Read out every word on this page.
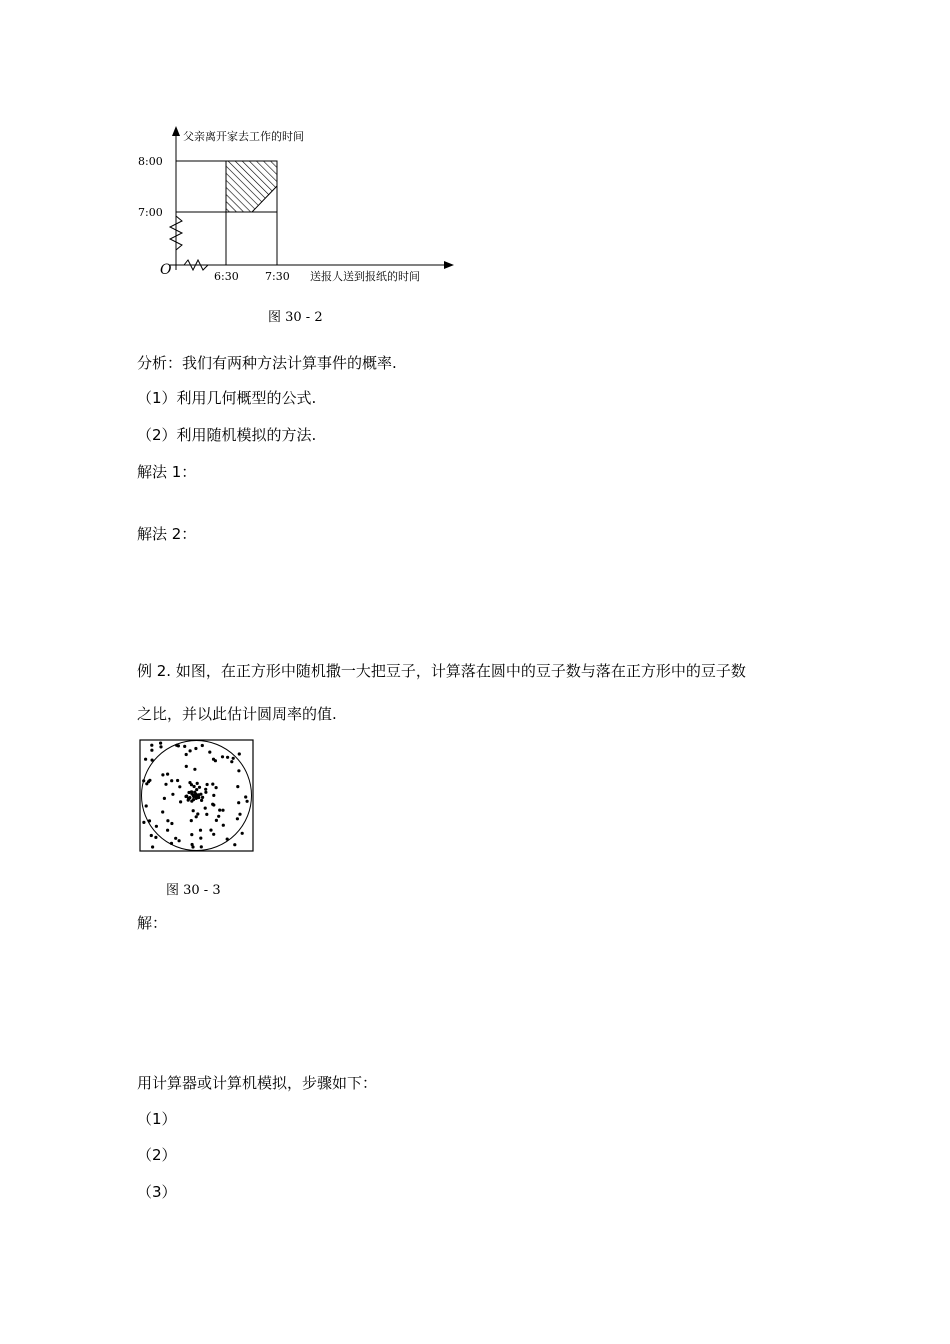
父亲离开家去工作的时间
8:00
7:00
O	6:30 7:30 送报人送到报纸的时间
图 30 - 2
分析：我们有两种方法计算事件的概率.
（1）利用几何概型的公式.
（2）利用随机模拟的方法.
解法 1：
解法 2：
例 2. 如图，在正方形中随机撒一大把豆子，计算落在圆中的豆子数与落在正方形中的豆子数
之比，并以此估计圆周率的值.
图 30 - 3
解：
用计算器或计算机模拟，步骤如下：
（1）
（2）
（3）
